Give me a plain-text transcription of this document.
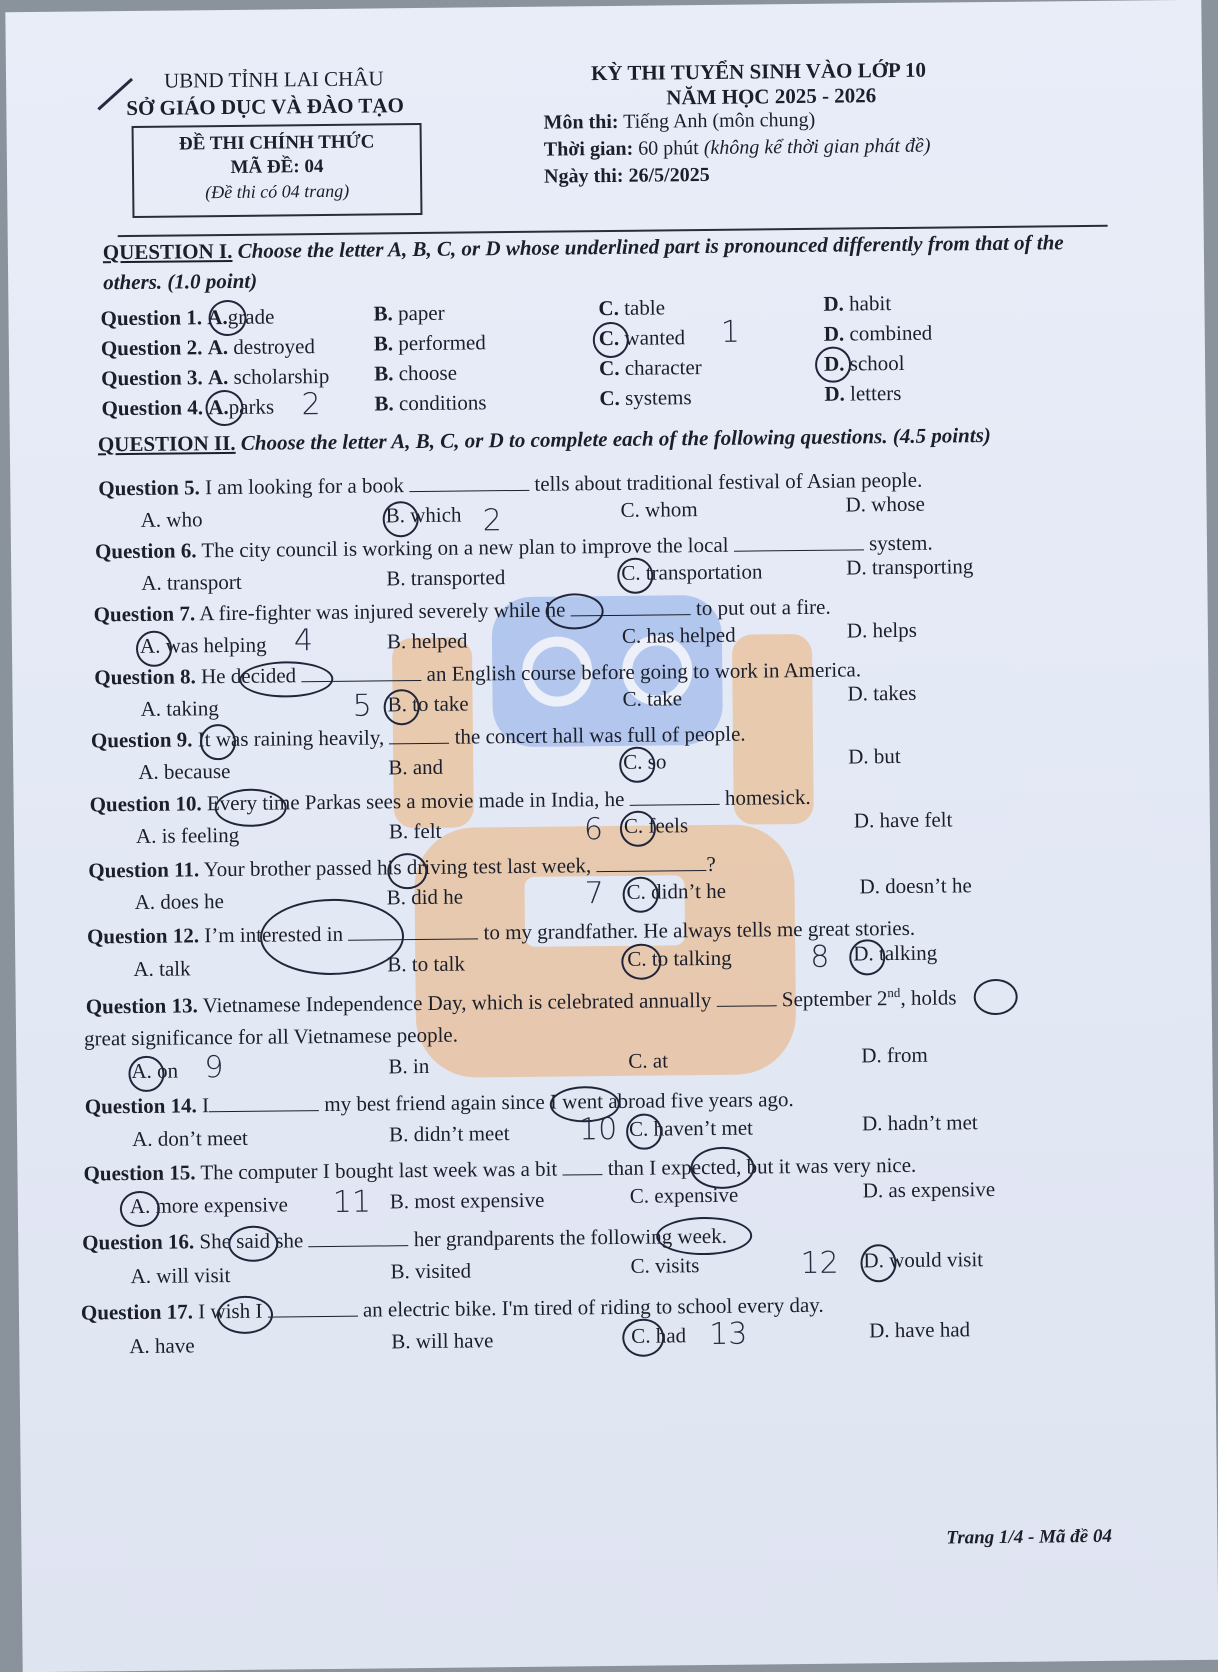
UBND TỈNH LAI CHÂU
SỞ GIÁO DỤC VÀ ĐÀO TẠO
ĐỀ THI CHÍNH THỨC
MÃ ĐỀ: 04
(Đề thi có 04 trang)
KỲ THI TUYỂN SINH VÀO LỚP 10
NĂM HỌC 2025 - 2026
Môn thi: Tiếng Anh (môn chung)
Thời gian: 60 phút (không kể thời gian phát đề)
Ngày thi: 26/5/2025
QUESTION I. Choose the letter A, B, C, or D whose underlined part is pronounced differently from that of the others. (1.0 point)
Question 1. A.grade	B. paper	C. table	D. habit
Question 2. A. destroyed	B. performed	C. wanted	D. combined
Question 3. A. scholarship B. choose	C. character	D. school
Question 4. A.parks	B. conditions	C. systems	D. letters
QUESTION II. Choose the letter A, B, C, or D to complete each of the following questions. (4.5 points)
Question 5. I am looking for a book	tells about traditional festival of Asian people.
A. who	B. which	C. whom	D. whose
Question 6. The city council is working on a new plan to improve the local	system.
A. transport	B. transported	C. transportation	D. transporting
Question 7. A fire-fighter was injured severely while he	to put out a fire.
A. was helping	B. helped	C. has helped	D. helps
Question 8. He decided	an English course before going to work in America.
A. taking	B. to take	C. take	D. takes
Question 9. It was raining heavily,	the concert hall was full of people.
A. because	B. and	C. so	D. but
Question 10. Every time Parkas sees a movie made in India, he	homesick.
A. is feeling	B. felt	C. feels	D. have felt
Question 11. Your brother passed his driving test last week,	?
A. does he	B. did he	C. didn’t he	D. doesn’t he
Question 12. I’m interested in	to my grandfather. He always tells me great stories.
A. talk	B. to talk	C. to talking	D. talking
Question 13. Vietnamese Independence Day, which is celebrated annually	September 2nd, holds
great significance for all Vietnamese people.
A. on	B. in	C. at	D. from
Question 14. I	my best friend again since I went abroad five years ago.
A. don’t meet	B. didn’t meet	C. haven’t met	D. hadn’t met
Question 15. The computer I bought last week was a bit than I expected, but it was very nice.
A. more expensive	B. most expensive	C. expensive	D. as expensive
Question 16. She said she	her grandparents the following week.
A. will visit	B. visited	C. visits	D. would visit
Question 17. I wish I	an electric bike. I'm tired of riding to school every day.
A. have	B. will have	C. had	D. have had
1
2
2
4
5
6
7
8
9
10
11
12
13
Trang 1/4 - Mã đề 04
